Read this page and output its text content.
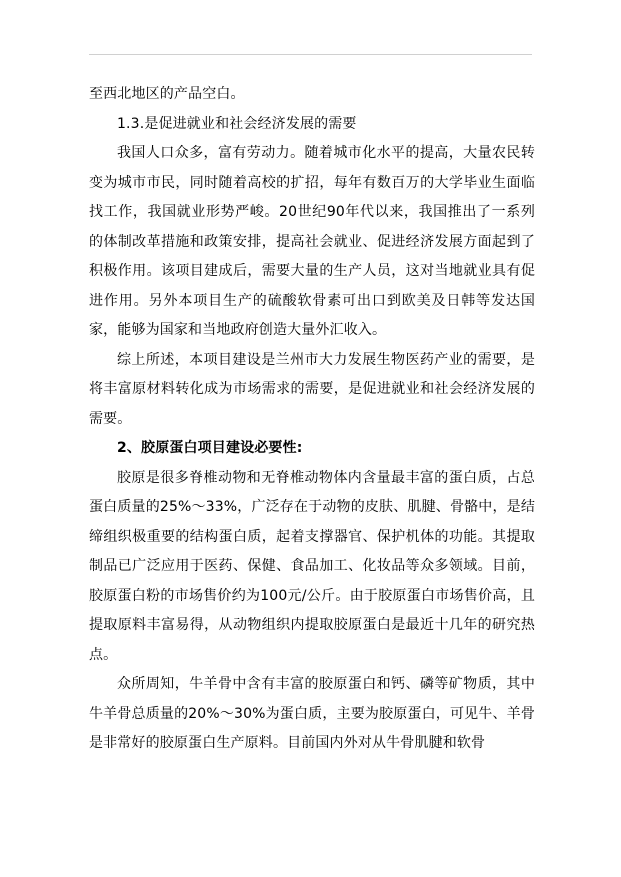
至西北地区的产品空白。

1.3.是促进就业和社会经济发展的需要

我国人口众多，富有劳动力。随着城市化水平的提高，大量农民转变为城市市民，同时随着高校的扩招，每年有数百万的大学毕业生面临找工作，我国就业形势严峻。20世纪90年代以来，我国推出了一系列的体制改革措施和政策安排，提高社会就业、促进经济发展方面起到了积极作用。该项目建成后，需要大量的生产人员，这对当地就业具有促进作用。另外本项目生产的硫酸软骨素可出口到欧美及日韩等发达国家，能够为国家和当地政府创造大量外汇收入。

综上所述，本项目建设是兰州市大力发展生物医药产业的需要，是将丰富原材料转化成为市场需求的需要，是促进就业和社会经济发展的需要。

2、胶原蛋白项目建设必要性:

胶原是很多脊椎动物和无脊椎动物体内含量最丰富的蛋白质，占总蛋白质量的25%～33%，广泛存在于动物的皮肤、肌腱、骨骼中，是结缔组织极重要的结构蛋白质，起着支撑器官、保护机体的功能。其提取制品已广泛应用于医药、保健、食品加工、化妆品等众多领域。目前，胶原蛋白粉的市场售价约为100元/公斤。由于胶原蛋白市场售价高，且提取原料丰富易得，从动物组织内提取胶原蛋白是最近十几年的研究热点。

众所周知，牛羊骨中含有丰富的胶原蛋白和钙、磷等矿物质，其中牛羊骨总质量的20%～30%为蛋白质，主要为胶原蛋白，可见牛、羊骨是非常好的胶原蛋白生产原料。目前国内外对从牛骨肌腱和软骨
